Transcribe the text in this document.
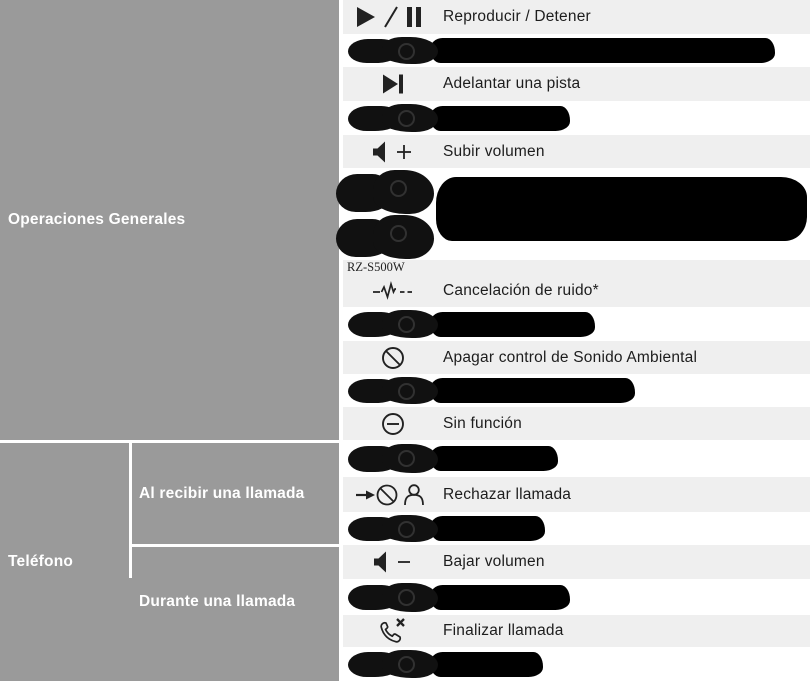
Operaciones Generales
Teléfono
Al recibir una llamada
Durante una llamada
Reproducir / Detener
Adelantar una pista
Subir volumen
RZ-S500W
Cancelación de ruido*
Apagar control de Sonido Ambiental
Sin función
Rechazar llamada
Bajar volumen
Finalizar llamada
